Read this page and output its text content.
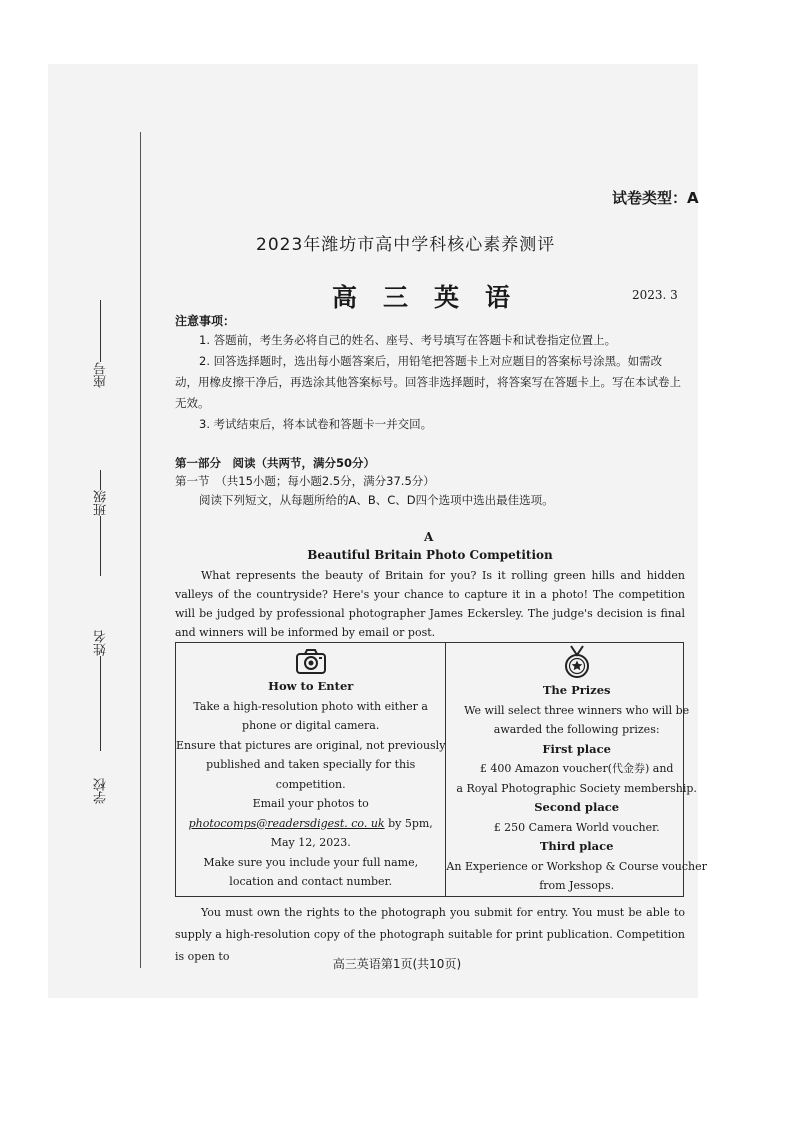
座号
班级
姓名
学校
试卷类型：A
2023年潍坊市高中学科核心素养测评
高三英语	2023. 3
注意事项：

1. 答题前，考生务必将自己的姓名、座号、考号填写在答题卡和试卷指定位置上。

2. 回答选择题时，选出每小题答案后，用铅笔把答题卡上对应题目的答案标号涂黑。如需改动，用橡皮擦干净后，再选涂其他答案标号。回答非选择题时，将答案写在答题卡上。写在本试卷上无效。

3. 考试结束后，将本试卷和答题卡一并交回。

第一部分　阅读（共两节，满分50分）
第一节　（共15小题；每小题2.5分，满分37.5分）
阅读下列短文，从每题所给的A、B、C、D四个选项中选出最佳选项。
A
Beautiful Britain Photo Competition

What represents the beauty of Britain for you? Is it rolling green hills and hidden valleys of the countryside? Here's your chance to capture it in a photo! The competition will be judged by professional photographer James Eckersley. The judge's decision is final and winners will be informed by email or post.

How to Enter
Take a high-resolution photo with either a
phone or digital camera.
Ensure that pictures are original, not previously
published and taken specially for this
competition.
Email your photos to
photocomps@readersdigest. co. uk by 5pm,
May 12, 2023.
Make sure you include your full name,
location and contact number.
The Prizes
We will select three winners who will be
awarded the following prizes:
First place
£ 400 Amazon voucher(代金券) and
a Royal Photographic Society membership.
Second place
£ 250 Camera World voucher.
Third place
An Experience or Workshop & Course voucher
from Jessops.

You must own the rights to the photograph you submit for entry. You must be able to supply a high-resolution copy of the photograph suitable for print publication. Competition is open to

高三英语第1页(共10页)
